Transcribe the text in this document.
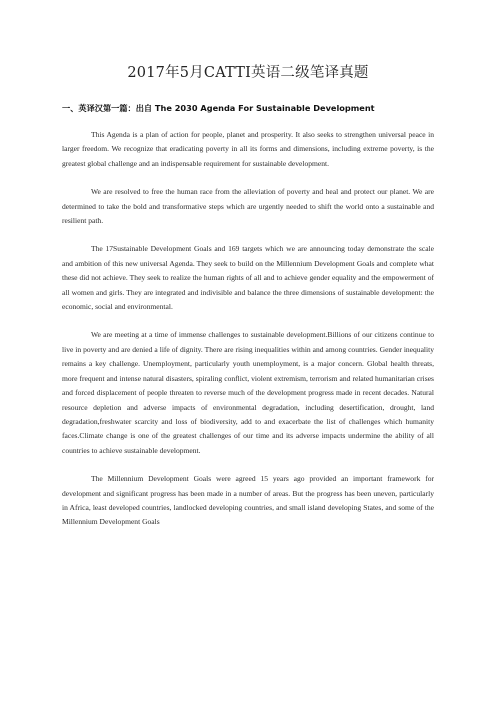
2017年5月CATTI英语二级笔译真题
一、英译汉第一篇：出自 The 2030 Agenda For Sustainable Development

This Agenda is a plan of action for people, planet and prosperity. It also seeks to strengthen universal peace in larger freedom. We recognize that eradicating poverty in all its forms and dimensions, including extreme poverty, is the greatest global challenge and an indispensable requirement for sustainable development.

We are resolved to free the human race from the alleviation of poverty and heal and protect our planet. We are determined to take the bold and transformative steps which are urgently needed to shift the world onto a sustainable and resilient path.

The 17Sustainable Development Goals and 169 targets which we are announcing today demonstrate the scale and ambition of this new universal Agenda. They seek to build on the Millennium Development Goals and complete what these did not achieve. They seek to realize the human rights of all and to achieve gender equality and the empowerment of all women and girls. They are integrated and indivisible and balance the three dimensions of sustainable development: the economic, social and environmental.

We are meeting at a time of immense challenges to sustainable development.Billions of our citizens continue to live in poverty and are denied a life of dignity. There are rising inequalities within and among countries. Gender inequality remains a key challenge. Unemployment, particularly youth unemployment, is a major concern. Global health threats, more frequent and intense natural disasters, spiraling conflict, violent extremism, terrorism and related humanitarian crises and forced displacement of people threaten to reverse much of the development progress made in recent decades. Natural resource depletion and adverse impacts of environmental degradation, including desertification, drought, land degradation,freshwater scarcity and loss of biodiversity, add to and exacerbate the list of challenges which humanity faces.Climate change is one of the greatest challenges of our time and its adverse impacts undermine the ability of all countries to achieve sustainable development.

The Millennium Development Goals were agreed 15 years ago provided an important framework for development and significant progress has been made in a number of areas. But the progress has been uneven, particularly in Africa, least developed countries, landlocked developing countries, and small island developing States, and some of the Millennium Development Goals
